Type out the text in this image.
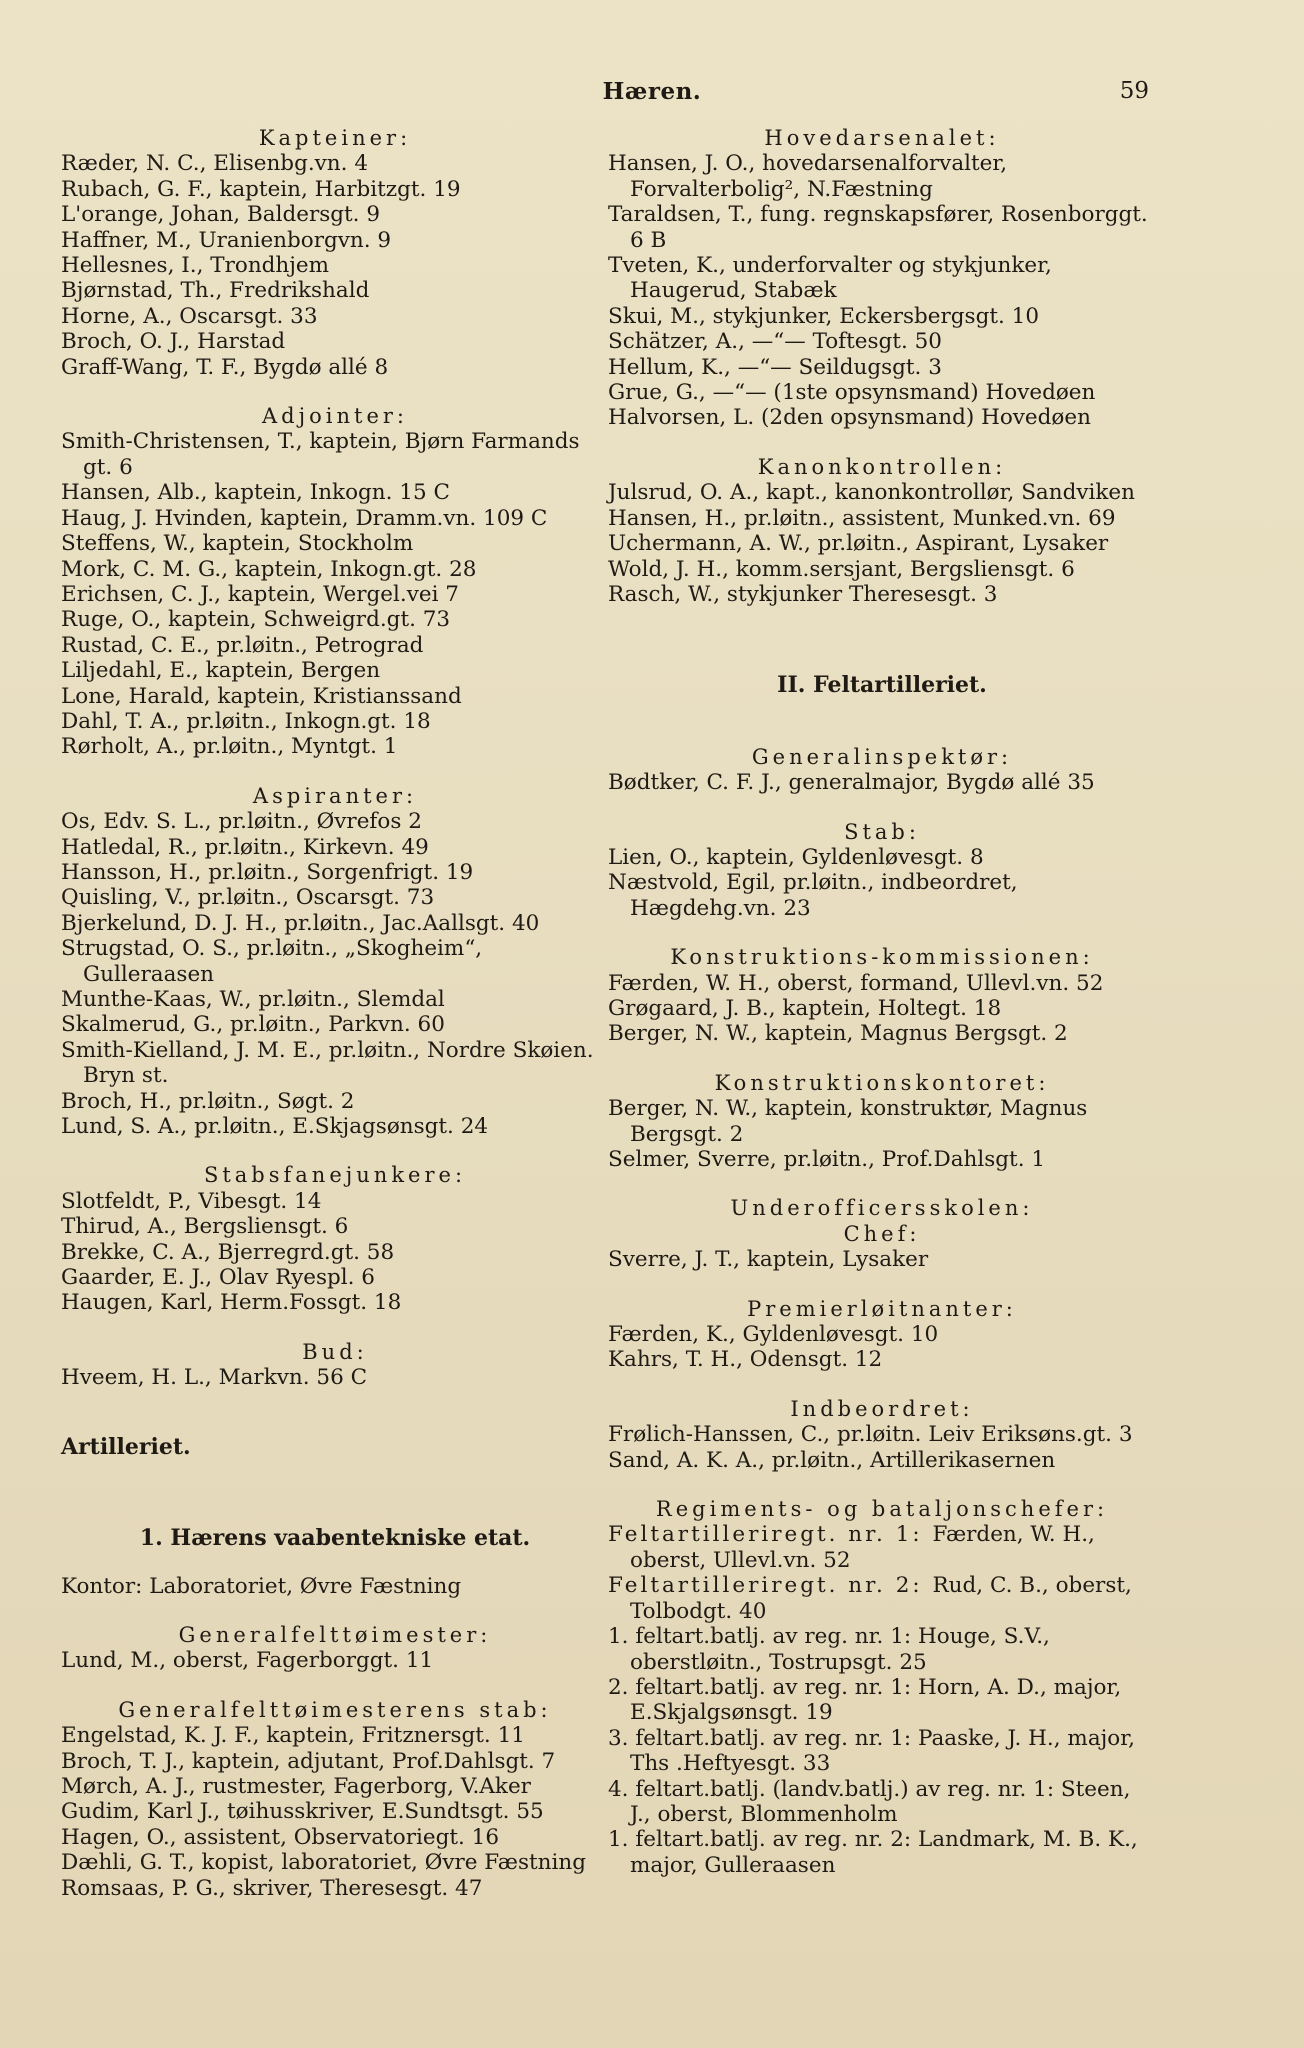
Hæren.	59

Kapteiner:

Ræder, N. C., Elisenbg.vn. 4

Rubach, G. F., kaptein, Harbitzgt. 19

L'orange, Johan, Baldersgt. 9

Haffner, M., Uranienborgvn. 9

Hellesnes, I., Trondhjem

Bjørnstad, Th., Fredrikshald

Horne, A., Oscarsgt. 33

Broch, O. J., Harstad

Graff-Wang, T. F., Bygdø allé 8

Adjointer:

Smith-Christensen, T., kaptein, Bjørn Farmands gt. 6

Hansen, Alb., kaptein, Inkogn. 15 C

Haug, J. Hvinden, kaptein, Dramm.vn. 109 C

Steffens, W., kaptein, Stockholm

Mork, C. M. G., kaptein, Inkogn.gt. 28

Erichsen, C. J., kaptein, Wergel.vei 7

Ruge, O., kaptein, Schweigrd.gt. 73

Rustad, C. E., pr.løitn., Petrograd

Liljedahl, E., kaptein, Bergen

Lone, Harald, kaptein, Kristianssand

Dahl, T. A., pr.løitn., Inkogn.gt. 18

Rørholt, A., pr.løitn., Myntgt. 1

Aspiranter:

Os, Edv. S. L., pr.løitn., Øvrefos 2

Hatledal, R., pr.løitn., Kirkevn. 49

Hansson, H., pr.løitn., Sorgenfrigt. 19

Quisling, V., pr.løitn., Oscarsgt. 73

Bjerkelund, D. J. H., pr.løitn., Jac.Aallsgt. 40

Strugstad, O. S., pr.løitn., „Skogheim“, Gulleraasen

Munthe-Kaas, W., pr.løitn., Slemdal

Skalmerud, G., pr.løitn., Parkvn. 60

Smith-Kielland, J. M. E., pr.løitn., Nordre Skøien. Bryn st.

Broch, H., pr.løitn., Søgt. 2

Lund, S. A., pr.løitn., E.Skjagsønsgt. 24

Stabsfanejunkere:

Slotfeldt, P., Vibesgt. 14

Thirud, A., Bergsliensgt. 6

Brekke, C. A., Bjerregrd.gt. 58

Gaarder, E. J., Olav Ryespl. 6

Haugen, Karl, Herm.Fossgt. 18

Bud:

Hveem, H. L., Markvn. 56 C

Artilleriet.

1. Hærens vaabentekniske etat.

Kontor: Laboratoriet, Øvre Fæstning

Generalfelttøimester:

Lund, M., oberst, Fagerborggt. 11

Generalfelttøimesterens stab:

Engelstad, K. J. F., kaptein, Fritznersgt. 11

Broch, T. J., kaptein, adjutant, Prof.Dahlsgt. 7

Mørch, A. J., rustmester, Fagerborg, V.Aker

Gudim, Karl J., tøihusskriver, E.Sundtsgt. 55

Hagen, O., assistent, Observatoriegt. 16

Dæhli, G. T., kopist, laboratoriet, Øvre Fæstning

Romsaas, P. G., skriver, Theresesgt. 47

Hovedarsenalet:

Hansen, J. O., hovedarsenalforvalter, Forvalterbolig², N.Fæstning

Taraldsen, T., fung. regnskapsfører, Rosenborggt. 6 B

Tveten, K., underforvalter og stykjunker, Haugerud, Stabæk

Skui, M., stykjunker, Eckersbergsgt. 10

Schätzer, A., —“— Toftesgt. 50

Hellum, K., —“— Seildugsgt. 3

Grue, G., —“— (1ste opsynsmand) Hovedøen

Halvorsen, L. (2den opsynsmand) Hovedøen

Kanonkontrollen:

Julsrud, O. A., kapt., kanonkontrollør, Sandviken

Hansen, H., pr.løitn., assistent, Munked.vn. 69

Uchermann, A. W., pr.løitn., Aspirant, Lysaker

Wold, J. H., komm.sersjant, Bergsliensgt. 6

Rasch, W., stykjunker Theresesgt. 3

II. Feltartilleriet.

Generalinspektør:

Bødtker, C. F. J., generalmajor, Bygdø allé 35

Stab:

Lien, O., kaptein, Gyldenløvesgt. 8

Næstvold, Egil, pr.løitn., indbeordret, Hægdehg.vn. 23

Konstruktions-kommissionen:

Færden, W. H., oberst, formand, Ullevl.vn. 52

Grøgaard, J. B., kaptein, Holtegt. 18

Berger, N. W., kaptein, Magnus Bergsgt. 2

Konstruktionskontoret:

Berger, N. W., kaptein, konstruktør, Magnus Bergsgt. 2

Selmer, Sverre, pr.løitn., Prof.Dahlsgt. 1

Underofficersskolen:

Chef:

Sverre, J. T., kaptein, Lysaker

Premierløitnanter:

Færden, K., Gyldenløvesgt. 10

Kahrs, T. H., Odensgt. 12

Indbeordret:

Frølich-Hanssen, C., pr.løitn. Leiv Eriksøns.gt. 3

Sand, A. K. A., pr.løitn., Artillerikasernen

Regiments- og bataljonschefer:

Feltartilleriregt. nr. 1: Færden, W. H., oberst, Ullevl.vn. 52

Feltartilleriregt. nr. 2: Rud, C. B., oberst, Tolbodgt. 40

1. feltart.batlj. av reg. nr. 1: Houge, S.V., oberstløitn., Tostrupsgt. 25

2. feltart.batlj. av reg. nr. 1: Horn, A. D., major, E.Skjalgsønsgt. 19

3. feltart.batlj. av reg. nr. 1: Paaske, J. H., major, Ths .Heftyesgt. 33

4. feltart.batlj. (landv.batlj.) av reg. nr. 1: Steen, J., oberst, Blommenholm

1. feltart.batlj. av reg. nr. 2: Landmark, M. B. K., major, Gulleraasen
